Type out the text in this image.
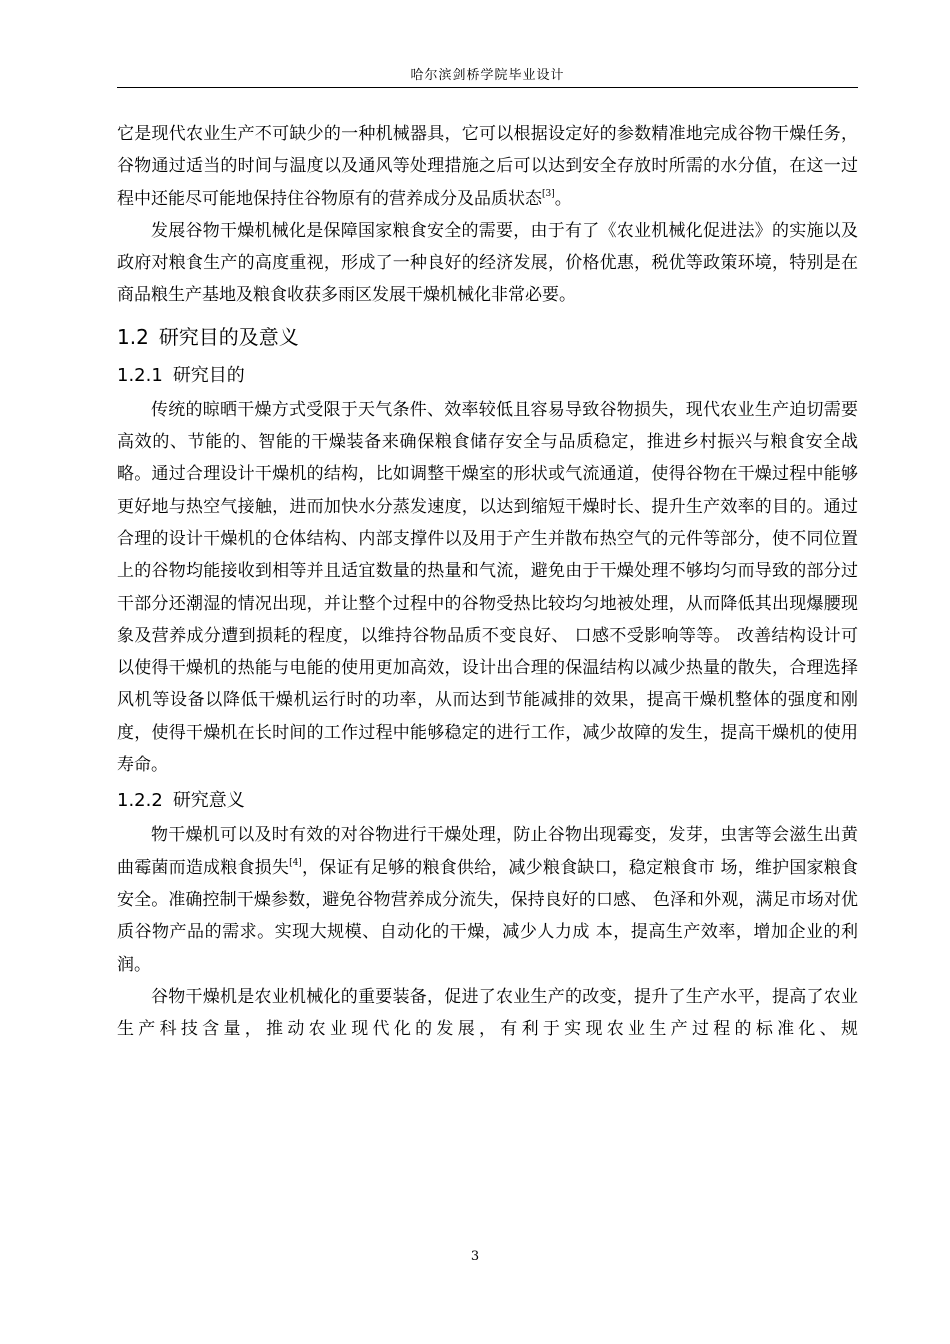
哈尔滨剑桥学院毕业设计

它是现代农业生产不可缺少的一种机械器具，它可以根据设定好的参数精准地完成谷物干燥任务，谷物通过适当的时间与温度以及通风等处理措施之后可以达到安全存放时所需的水分值，在这一过程中还能尽可能地保持住谷物原有的营养成分及品质状态[3]。

发展谷物干燥机械化是保障国家粮食安全的需要，由于有了《农业机械化促进法》的实施以及政府对粮食生产的高度重视，形成了一种良好的经济发展，价格优惠，税优等政策环境，特别是在商品粮生产基地及粮食收获多雨区发展干燥机械化非常必要。

1.2 研究目的及意义
1.2.1 研究目的

传统的晾晒干燥方式受限于天气条件、效率较低且容易导致谷物损失，现代农业生产迫切需要高效的、节能的、智能的干燥装备来确保粮食储存安全与品质稳定，推进乡村振兴与粮食安全战略。通过合理设计干燥机的结构，比如调整干燥室的形状或气流通道，使得谷物在干燥过程中能够更好地与热空气接触，进而加快水分蒸发速度，以达到缩短干燥时长、提升生产效率的目的。通过合理的设计干燥机的仓体结构、内部支撑件以及用于产生并散布热空气的元件等部分，使不同位置上的谷物均能接收到相等并且适宜数量的热量和气流，避免由于干燥处理不够均匀而导致的部分过干部分还潮湿的情况出现，并让整个过程中的谷物受热比较均匀地被处理，从而降低其出现爆腰现象及营养成分遭到损耗的程度，以维持谷物品质不变良好、 口感不受影响等等。 改善结构设计可以使得干燥机的热能与电能的使用更加高效，设计出合理的保温结构以减少热量的散失，合理选择风机等设备以降低干燥机运行时的功率，从而达到节能减排的效果，提高干燥机整体的强度和刚度，使得干燥机在长时间的工作过程中能够稳定的进行工作，减少故障的发生，提高干燥机的使用寿命。

1.2.2 研究意义

物干燥机可以及时有效的对谷物进行干燥处理，防止谷物出现霉变，发芽，虫害等会滋生出黄曲霉菌而造成粮食损失[4]，保证有足够的粮食供给，减少粮食缺口，稳定粮食市 场，维护国家粮食安全。准确控制干燥参数，避免谷物营养成分流失，保持良好的口感、 色泽和外观，满足市场对优质谷物产品的需求。实现大规模、自动化的干燥，减少人力成 本，提高生产效率，增加企业的利润。

谷物干燥机是农业机械化的重要装备，促进了农业生产的改变，提升了生产水平，提高了农业生产科技含量，推动农业现代化的发展，有利于实现农业生产过程的标准化、规

3
